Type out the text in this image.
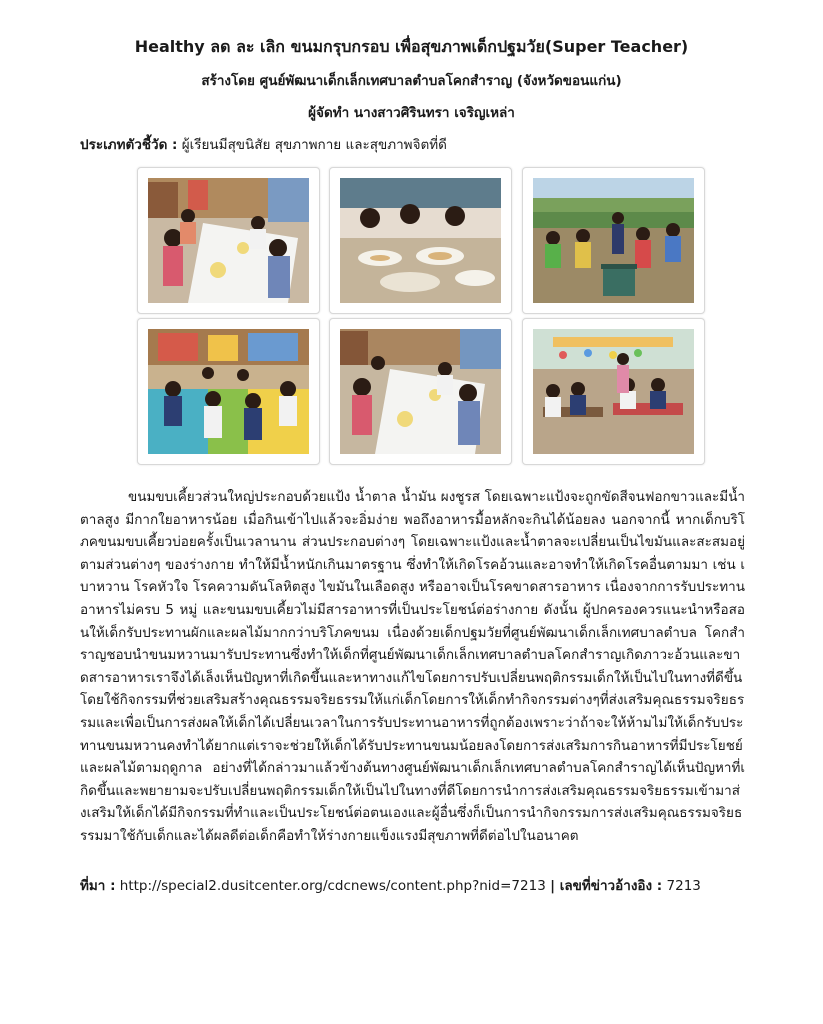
Healthy ลด ละ เลิก ขนมกรุบกรอบ เพื่อสุขภาพเด็กปฐมวัย(Super Teacher)
สร้างโดย ศูนย์พัฒนาเด็กเล็กเทศบาลตำบลโคกสำราญ (จังหวัดขอนแก่น)
ผู้จัดทำ นางสาวศิรินทรา เจริญเหล่า
ประเภทตัวชี้วัด : ผู้เรียนมีสุขนิสัย สุขภาพกาย และสุขภาพจิตที่ดี

ขนมขบเคี้ยวส่วนใหญ่ประกอบด้วยแป้ง น้ำตาล น้ำมัน ผงชูรส โดยเฉพาะแป้งจะถูกขัดสีจนฟอกขาวและมีน้ำตาลสูง มีกากใยอาหารน้อย เมื่อกินเข้าไปแล้วจะอิ่มง่าย พอถึงอาหารมื้อหลักจะกินได้น้อยลง นอกจากนี้ หากเด็กบริโภคขนมขบเคี้ยวบ่อยครั้งเป็นเวลานาน ส่วนประกอบต่างๆ โดยเฉพาะแป้งและน้ำตาลจะเปลี่ยนเป็นไขมันและสะสมอยู่ตามส่วนต่างๆ ของร่างกาย ทำให้มีน้ำหนักเกินมาตรฐาน ซึ่งทำให้เกิดโรคอ้วนและอาจทำให้เกิดโรคอื่นตามมา เช่น เบาหวาน โรคหัวใจ โรคความดันโลหิตสูง ไขมันในเลือดสูง หรืออาจเป็นโรคขาดสารอาหาร เนื่องจากการรับประทานอาหารไม่ครบ 5 หมู่ และขนมขบเคี้ยวไม่มีสารอาหารที่เป็นประโยชน์ต่อร่างกาย ดังนั้น ผู้ปกครองควรแนะนำหรือสอนให้เด็กรับประทานผักและผลไม้มากกว่าบริโภคขนม เนื่องด้วยเด็กปฐมวัยที่ศูนย์พัฒนาเด็กเล็กเทศบาลตำบล โคกสำราญชอบนำขนมหวานมารับประทานซึ่งทำให้เด็กที่ศูนย์พัฒนาเด็กเล็กเทศบาลตำบลโคกสำราญเกิดภาวะอ้วนและขาดสารอาหารเราจึงได้เล็งเห็นปัญหาที่เกิดขึ้นและหาทางแก้ไขโดยการปรับเปลี่ยนพฤติกรรมเด็กให้เป็นไปในทางที่ดีขึ้นโดยใช้กิจกรรมที่ช่วยเสริมสร้างคุณธรรมจริยธรรมให้แก่เด็กโดยการให้เด็กทำกิจกรรมต่างๆที่ส่งเสริมคุณธรรมจริยธรรมและเพื่อเป็นการส่งผลให้เด็กได้เปลี่ยนเวลาในการรับประทานอาหารที่ถูกต้องเพราะว่าถ้าจะให้ห้ามไม่ให้เด็กรับประทานขนมหวานคงทำได้ยากแต่เราจะช่วยให้เด็กได้รับประทานขนมน้อยลงโดยการส่งเสริมการกินอาหารที่มีประโยชย์และผลไม้ตามฤดูกาล อย่างที่ได้กล่าวมาแล้วข้างต้นทางศูนย์พัฒนาเด็กเล็กเทศบาลตำบลโคกสำราญได้เห็นปัญหาที่เกิดขึ้นและพยายามจะปรับเปลี่ยนพฤติกรรมเด็กให้เป็นไปในทางที่ดีโดยการนำการส่งเสริมคุณธรรมจริยธรรมเข้ามาส่งเสริมให้เด็กได้มีกิจกรรมที่ทำและเป็นประโยชน์ต่อตนเองและผู้อื่นซึ่งก็เป็นการนำกิจกรรมการส่งเสริมคุณธรรมจริยธรรมมาใช้กับเด็กและได้ผลดีต่อเด็กคือทำให้ร่างกายแข็งแรงมีสุขภาพที่ดีต่อไปในอนาคต

ที่มา : http://special2.dusitcenter.org/cdcnews/content.php?nid=7213 | เลขที่ข่าวอ้างอิง : 7213
